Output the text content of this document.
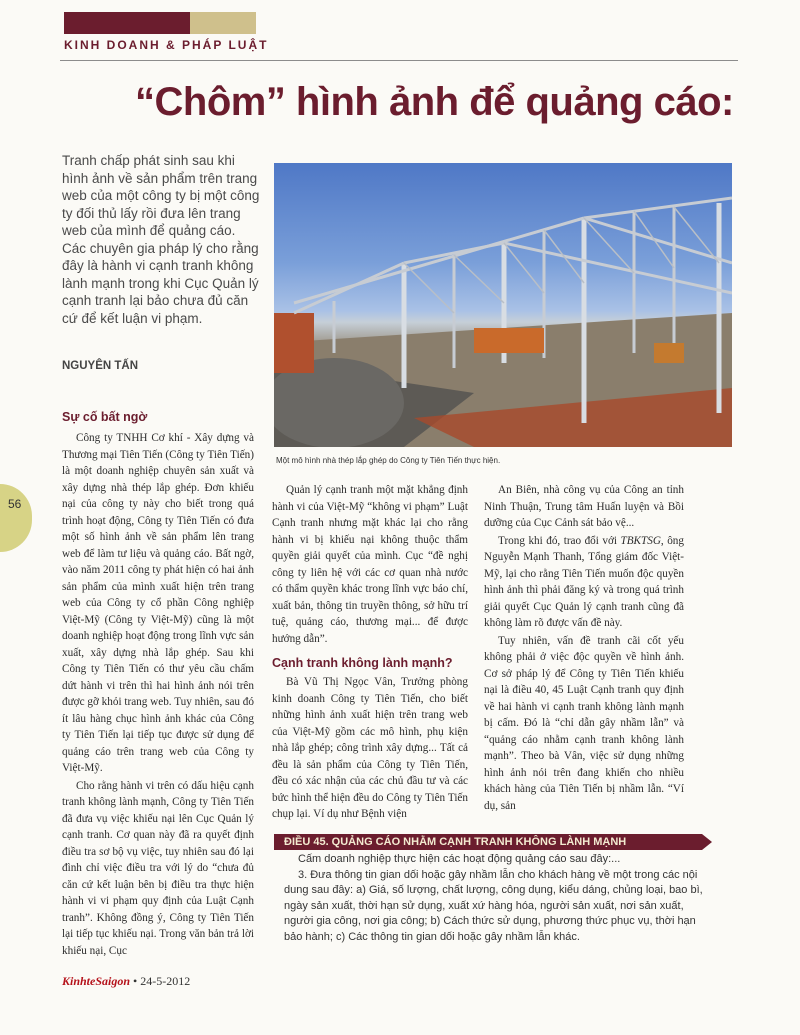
KINH DOANH & PHÁP LUẬT
“Chôm” hình ảnh để quảng cáo:
Tranh chấp phát sinh sau khi hình ảnh về sản phẩm trên trang web của một công ty bị một công ty đối thủ lấy rồi đưa lên trang web của mình để quảng cáo. Các chuyên gia pháp lý cho rằng đây là hành vi cạnh tranh không lành mạnh trong khi Cục Quản lý cạnh tranh lại bảo chưa đủ căn cứ để kết luận vi phạm.
NGUYÊN TẤN
Một mô hình nhà thép lắp ghép do Công ty Tiên Tiến thực hiện.
56
Sự cố bất ngờ

Công ty TNHH Cơ khí - Xây dựng và Thương mại Tiên Tiến (Công ty Tiên Tiến) là một doanh nghiệp chuyên sản xuất và xây dựng nhà thép lắp ghép. Đơn khiếu nại của công ty này cho biết trong quá trình hoạt động, Công ty Tiên Tiến có đưa một số hình ảnh về sản phẩm lên trang web để làm tư liệu và quảng cáo. Bất ngờ, vào năm 2011 công ty phát hiện có hai ảnh sản phẩm của mình xuất hiện trên trang web của Công ty cổ phần Công nghiệp Việt-Mỹ (Công ty Việt-Mỹ) cũng là một doanh nghiệp hoạt động trong lĩnh vực sản xuất, xây dựng nhà lắp ghép. Sau khi Công ty Tiên Tiến có thư yêu cầu chấm dứt hành vi trên thì hai hình ảnh nói trên được gỡ khỏi trang web. Tuy nhiên, sau đó ít lâu hàng chục hình ảnh khác của Công ty Tiên Tiến lại tiếp tục được sử dụng để quảng cáo trên trang web của Công ty Việt-Mỹ.

Cho rằng hành vi trên có dấu hiệu cạnh tranh không lành mạnh, Công ty Tiên Tiến đã đưa vụ việc khiếu nại lên Cục Quản lý cạnh tranh. Cơ quan này đã ra quyết định điều tra sơ bộ vụ việc, tuy nhiên sau đó lại đình chỉ việc điều tra với lý do “chưa đủ căn cứ kết luận bên bị điều tra thực hiện hành vi vi phạm quy định của Luật Cạnh tranh”. Không đồng ý, Công ty Tiên Tiến lại tiếp tục khiếu nại. Trong văn bản trả lời khiếu nại, Cục

Quản lý cạnh tranh một mặt khẳng định hành vi của Việt-Mỹ “không vi phạm” Luật Cạnh tranh nhưng mặt khác lại cho rằng hành vi bị khiếu nại không thuộc thẩm quyền giải quyết của mình. Cục “đề nghị công ty liên hệ với các cơ quan nhà nước có thẩm quyền khác trong lĩnh vực báo chí, xuất bản, thông tin truyền thông, sở hữu trí tuệ, quảng cáo, thương mại... để được hướng dẫn”.

Cạnh tranh không lành mạnh?

Bà Vũ Thị Ngọc Vân, Trưởng phòng kinh doanh Công ty Tiên Tiến, cho biết những hình ảnh xuất hiện trên trang web của Việt-Mỹ gồm các mô hình, phụ kiện nhà lắp ghép; công trình xây dựng... Tất cả đều là sản phẩm của Công ty Tiên Tiến, đều có xác nhận của các chủ đầu tư và các bức hình thể hiện đều do Công ty Tiên Tiến chụp lại. Ví dụ như Bệnh viện

An Biên, nhà công vụ của Công an tỉnh Ninh Thuận, Trung tâm Huấn luyện và Bồi dưỡng của Cục Cảnh sát bảo vệ...

Trong khi đó, trao đổi với TBKTSG, ông Nguyễn Mạnh Thanh, Tổng giám đốc Việt-Mỹ, lại cho rằng Tiên Tiến muốn độc quyền hình ảnh thì phải đăng ký và trong quá trình giải quyết Cục Quản lý cạnh tranh cũng đã không làm rõ được vấn đề này.

Tuy nhiên, vấn đề tranh cãi cốt yếu không phải ở việc độc quyền về hình ảnh. Cơ sở pháp lý để Công ty Tiên Tiến khiếu nại là điều 40, 45 Luật Cạnh tranh quy định về hai hành vi cạnh tranh không lành mạnh bị cấm. Đó là “chỉ dẫn gây nhầm lẫn” và “quảng cáo nhằm cạnh tranh không lành mạnh”. Theo bà Vân, việc sử dụng những hình ảnh nói trên đang khiến cho nhiều khách hàng của Tiên Tiến bị nhầm lẫn. “Ví dụ, sản

ĐIỀU 45. QUẢNG CÁO NHẰM CẠNH TRANH KHÔNG LÀNH MẠNH

Cấm doanh nghiệp thực hiện các hoạt động quảng cáo sau đây:...

3. Đưa thông tin gian dối hoặc gây nhầm lẫn cho khách hàng về một trong các nội dung sau đây: a) Giá, số lượng, chất lượng, công dụng, kiểu dáng, chủng loại, bao bì, ngày sản xuất, thời hạn sử dụng, xuất xứ hàng hóa, người sản xuất, nơi sản xuất, người gia công, nơi gia công; b) Cách thức sử dụng, phương thức phục vụ, thời hạn bảo hành; c) Các thông tin gian dối hoặc gây nhầm lẫn khác.

KinhteSaigon • 24-5-2012
